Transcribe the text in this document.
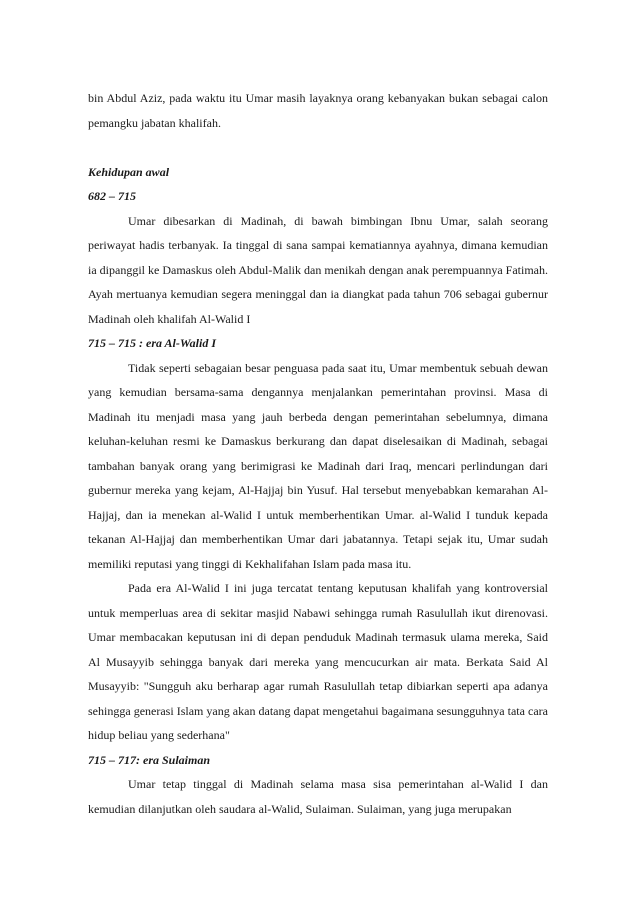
bin Abdul Aziz, pada waktu itu Umar masih layaknya orang kebanyakan bukan sebagai calon pemangku jabatan khalifah.

Kehidupan awal

682 – 715

Umar dibesarkan di Madinah, di bawah bimbingan Ibnu Umar, salah seorang periwayat hadis terbanyak. Ia tinggal di sana sampai kematiannya ayahnya, dimana kemudian ia dipanggil ke Damaskus oleh Abdul-Malik dan menikah dengan anak perempuannya Fatimah. Ayah mertuanya kemudian segera meninggal dan ia diangkat pada tahun 706 sebagai gubernur Madinah oleh khalifah Al-Walid I

715 – 715 : era Al-Walid I

Tidak seperti sebagaian besar penguasa pada saat itu, Umar membentuk sebuah dewan yang kemudian bersama-sama dengannya menjalankan pemerintahan provinsi. Masa di Madinah itu menjadi masa yang jauh berbeda dengan pemerintahan sebelumnya, dimana keluhan-keluhan resmi ke Damaskus berkurang dan dapat diselesaikan di Madinah, sebagai tambahan banyak orang yang berimigrasi ke Madinah dari Iraq, mencari perlindungan dari gubernur mereka yang kejam, Al-Hajjaj bin Yusuf. Hal tersebut menyebabkan kemarahan Al-Hajjaj, dan ia menekan al-Walid I untuk memberhentikan Umar. al-Walid I tunduk kepada tekanan Al-Hajjaj dan memberhentikan Umar dari jabatannya. Tetapi sejak itu, Umar sudah memiliki reputasi yang tinggi di Kekhalifahan Islam pada masa itu.

Pada era Al-Walid I ini juga tercatat tentang keputusan khalifah yang kontroversial untuk memperluas area di sekitar masjid Nabawi sehingga rumah Rasulullah ikut direnovasi. Umar membacakan keputusan ini di depan penduduk Madinah termasuk ulama mereka, Said Al Musayyib sehingga banyak dari mereka yang mencucurkan air mata. Berkata Said Al Musayyib: "Sungguh aku berharap agar rumah Rasulullah tetap dibiarkan seperti apa adanya sehingga generasi Islam yang akan datang dapat mengetahui bagaimana sesungguhnya tata cara hidup beliau yang sederhana"

715 – 717: era Sulaiman

Umar tetap tinggal di Madinah selama masa sisa pemerintahan al-Walid I dan kemudian dilanjutkan oleh saudara al-Walid, Sulaiman. Sulaiman, yang juga merupakan
